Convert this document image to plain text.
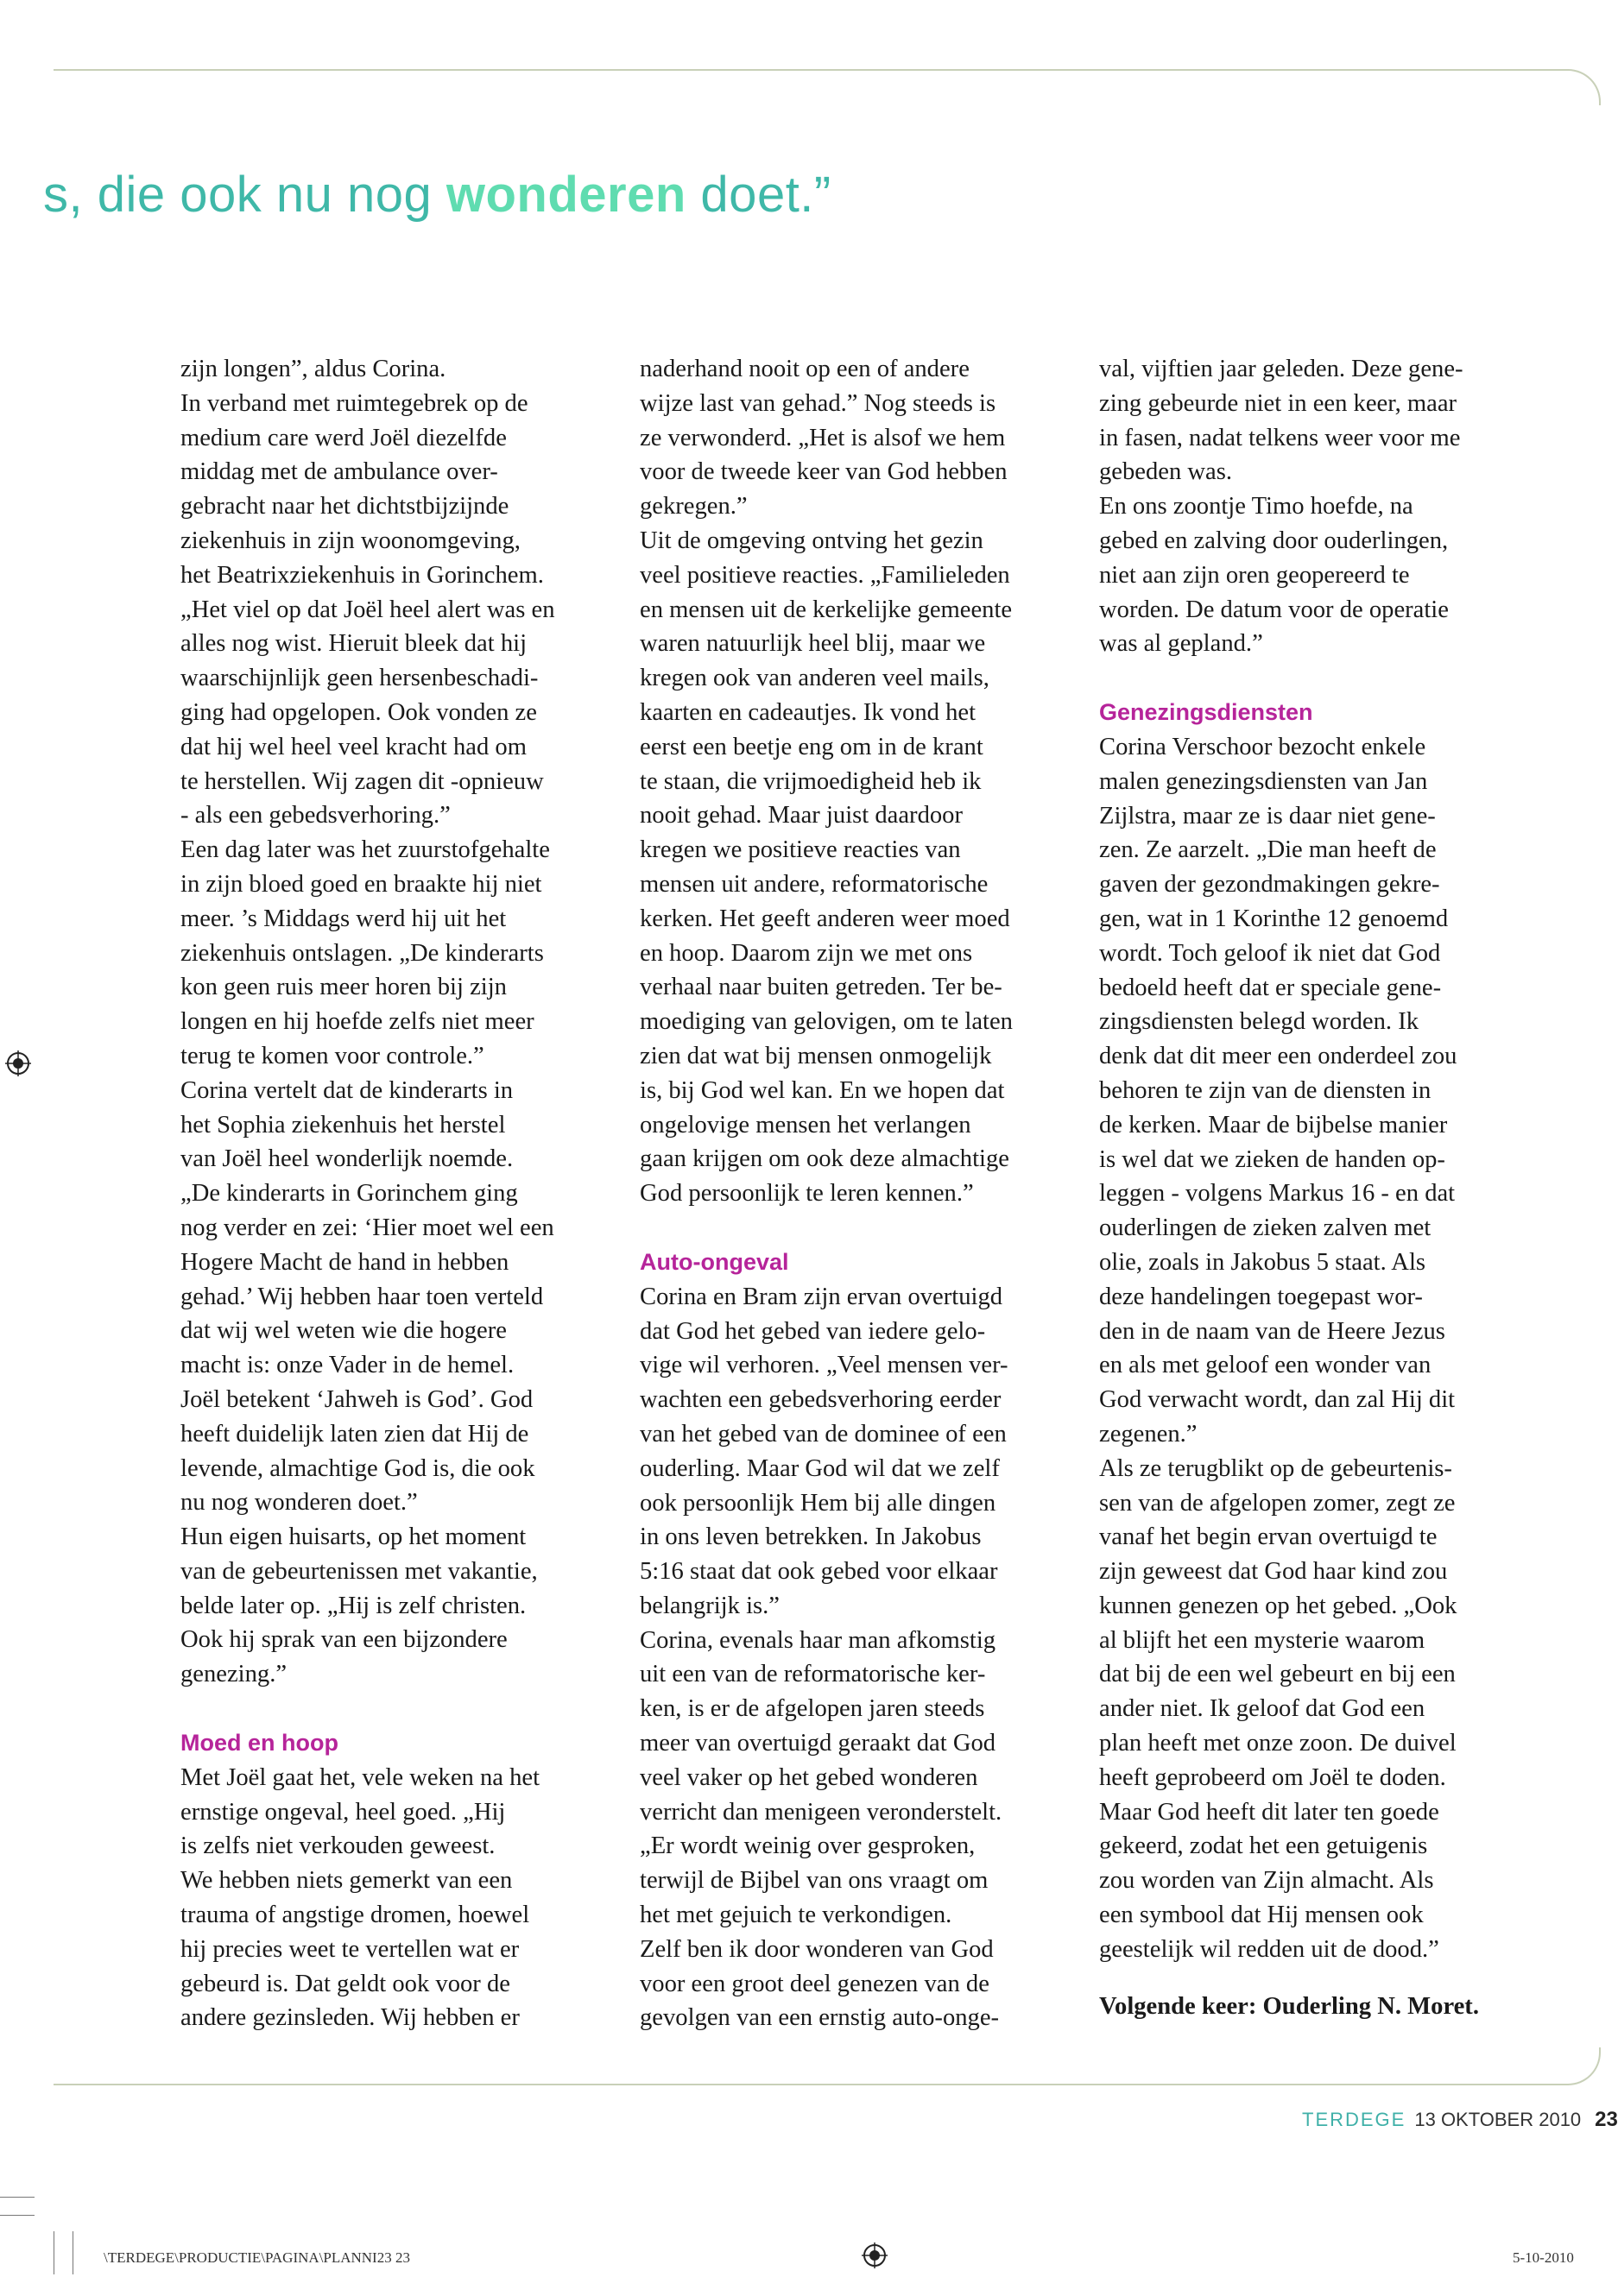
s, die ook nu nog wonderen doet.”

zijn longen”, aldus Corina.

In verband met ruimtegebrek op de

medium care werd Joël diezelfde

middag met de ambulance over-

gebracht naar het dichtstbijzijnde

ziekenhuis in zijn woonomgeving,

het Beatrixziekenhuis in Gorinchem.

„Het viel op dat Joël heel alert was en

alles nog wist. Hieruit bleek dat hij

waarschijnlijk geen hersenbeschadi-

ging had opgelopen. Ook vonden ze

dat hij wel heel veel kracht had om

te herstellen. Wij zagen dit -opnieuw

- als een gebedsverhoring.”

Een dag later was het zuurstofgehalte

in zijn bloed goed en braakte hij niet

meer. ’s Middags werd hij uit het

ziekenhuis ontslagen. „De kinderarts

kon geen ruis meer horen bij zijn

longen en hij hoefde zelfs niet meer

terug te komen voor controle.”

Corina vertelt dat de kinderarts in

het Sophia ziekenhuis het herstel

van Joël heel wonderlijk noemde.

„De kinderarts in Gorinchem ging

nog verder en zei: ‘Hier moet wel een

Hogere Macht de hand in hebben

gehad.’ Wij hebben haar toen verteld

dat wij wel weten wie die hogere

macht is: onze Vader in de hemel.

Joël betekent ‘Jahweh is God’. God

heeft duidelijk laten zien dat Hij de

levende, almachtige God is, die ook

nu nog wonderen doet.”

Hun eigen huisarts, op het moment

van de gebeurtenissen met vakantie,

belde later op. „Hij is zelf christen.

Ook hij sprak van een bijzondere

genezing.”

Moed en hoop

Met Joël gaat het, vele weken na het

ernstige ongeval, heel goed. „Hij

is zelfs niet verkouden geweest.

We hebben niets gemerkt van een

trauma of angstige dromen, hoewel

hij precies weet te vertellen wat er

gebeurd is. Dat geldt ook voor de

andere gezinsleden. Wij hebben er

naderhand nooit op een of andere

wijze last van gehad.” Nog steeds is

ze verwonderd. „Het is alsof we hem

voor de tweede keer van God hebben

gekregen.”

Uit de omgeving ontving het gezin

veel positieve reacties. „Familieleden

en mensen uit de kerkelijke gemeente

waren natuurlijk heel blij, maar we

kregen ook van anderen veel mails,

kaarten en cadeautjes. Ik vond het

eerst een beetje eng om in de krant

te staan, die vrijmoedigheid heb ik

nooit gehad. Maar juist daardoor

kregen we positieve reacties van

mensen uit andere, reformatorische

kerken. Het geeft anderen weer moed

en hoop. Daarom zijn we met ons

verhaal naar buiten getreden. Ter be-

moediging van gelovigen, om te laten

zien dat wat bij mensen onmogelijk

is, bij God wel kan. En we hopen dat

ongelovige mensen het verlangen

gaan krijgen om ook deze almachtige

God persoonlijk te leren kennen.”

Auto-ongeval

Corina en Bram zijn ervan overtuigd

dat God het gebed van iedere gelo-

vige wil verhoren. „Veel mensen ver-

wachten een gebedsverhoring eerder

van het gebed van de dominee of een

ouderling. Maar God wil dat we zelf

ook persoonlijk Hem bij alle dingen

in ons leven betrekken. In Jakobus

5:16 staat dat ook gebed voor elkaar

belangrijk is.”

Corina, evenals haar man afkomstig

uit een van de reformatorische ker-

ken, is er de afgelopen jaren steeds

meer van overtuigd geraakt dat God

veel vaker op het gebed wonderen

verricht dan menigeen veronderstelt.

„Er wordt weinig over gesproken,

terwijl de Bijbel van ons vraagt om

het met gejuich te verkondigen.

Zelf ben ik door wonderen van God

voor een groot deel genezen van de

gevolgen van een ernstig auto-onge-

val, vijftien jaar geleden. Deze gene-

zing gebeurde niet in een keer, maar

in fasen, nadat telkens weer voor me

gebeden was.

En ons zoontje Timo hoefde, na

gebed en zalving door ouderlingen,

niet aan zijn oren geopereerd te

worden. De datum voor de operatie

was al gepland.”

Genezingsdiensten

Corina Verschoor bezocht enkele

malen genezingsdiensten van Jan

Zijlstra, maar ze is daar niet gene-

zen. Ze aarzelt. „Die man heeft de

gaven der gezondmakingen gekre-

gen, wat in 1 Korinthe 12 genoemd

wordt. Toch geloof ik niet dat God

bedoeld heeft dat er speciale gene-

zingsdiensten belegd worden. Ik

denk dat dit meer een onderdeel zou

behoren te zijn van de diensten in

de kerken. Maar de bijbelse manier

is wel dat we zieken de handen op-

leggen - volgens Markus 16 - en dat

ouderlingen de zieken zalven met

olie, zoals in Jakobus 5 staat. Als

deze handelingen toegepast wor-

den in de naam van de Heere Jezus

en als met geloof een wonder van

God verwacht wordt, dan zal Hij dit

zegenen.”

Als ze terugblikt op de gebeurtenis-

sen van de afgelopen zomer, zegt ze

vanaf het begin ervan overtuigd te

zijn geweest dat God haar kind zou

kunnen genezen op het gebed. „Ook

al blijft het een mysterie waarom

dat bij de een wel gebeurt en bij een

ander niet. Ik geloof dat God een

plan heeft met onze zoon. De duivel

heeft geprobeerd om Joël te doden.

Maar God heeft dit later ten goede

gekeerd, zodat het een getuigenis

zou worden van Zijn almacht. Als

een symbool dat Hij mensen ook

geestelijk wil redden uit de dood.”

Volgende keer: Ouderling N. Moret.

TERDEGE 13 OKTOBER 2010 23
\TERDEGE\PRODUCTIE\PAGINA\PLANNI23 23	5-10-2010
